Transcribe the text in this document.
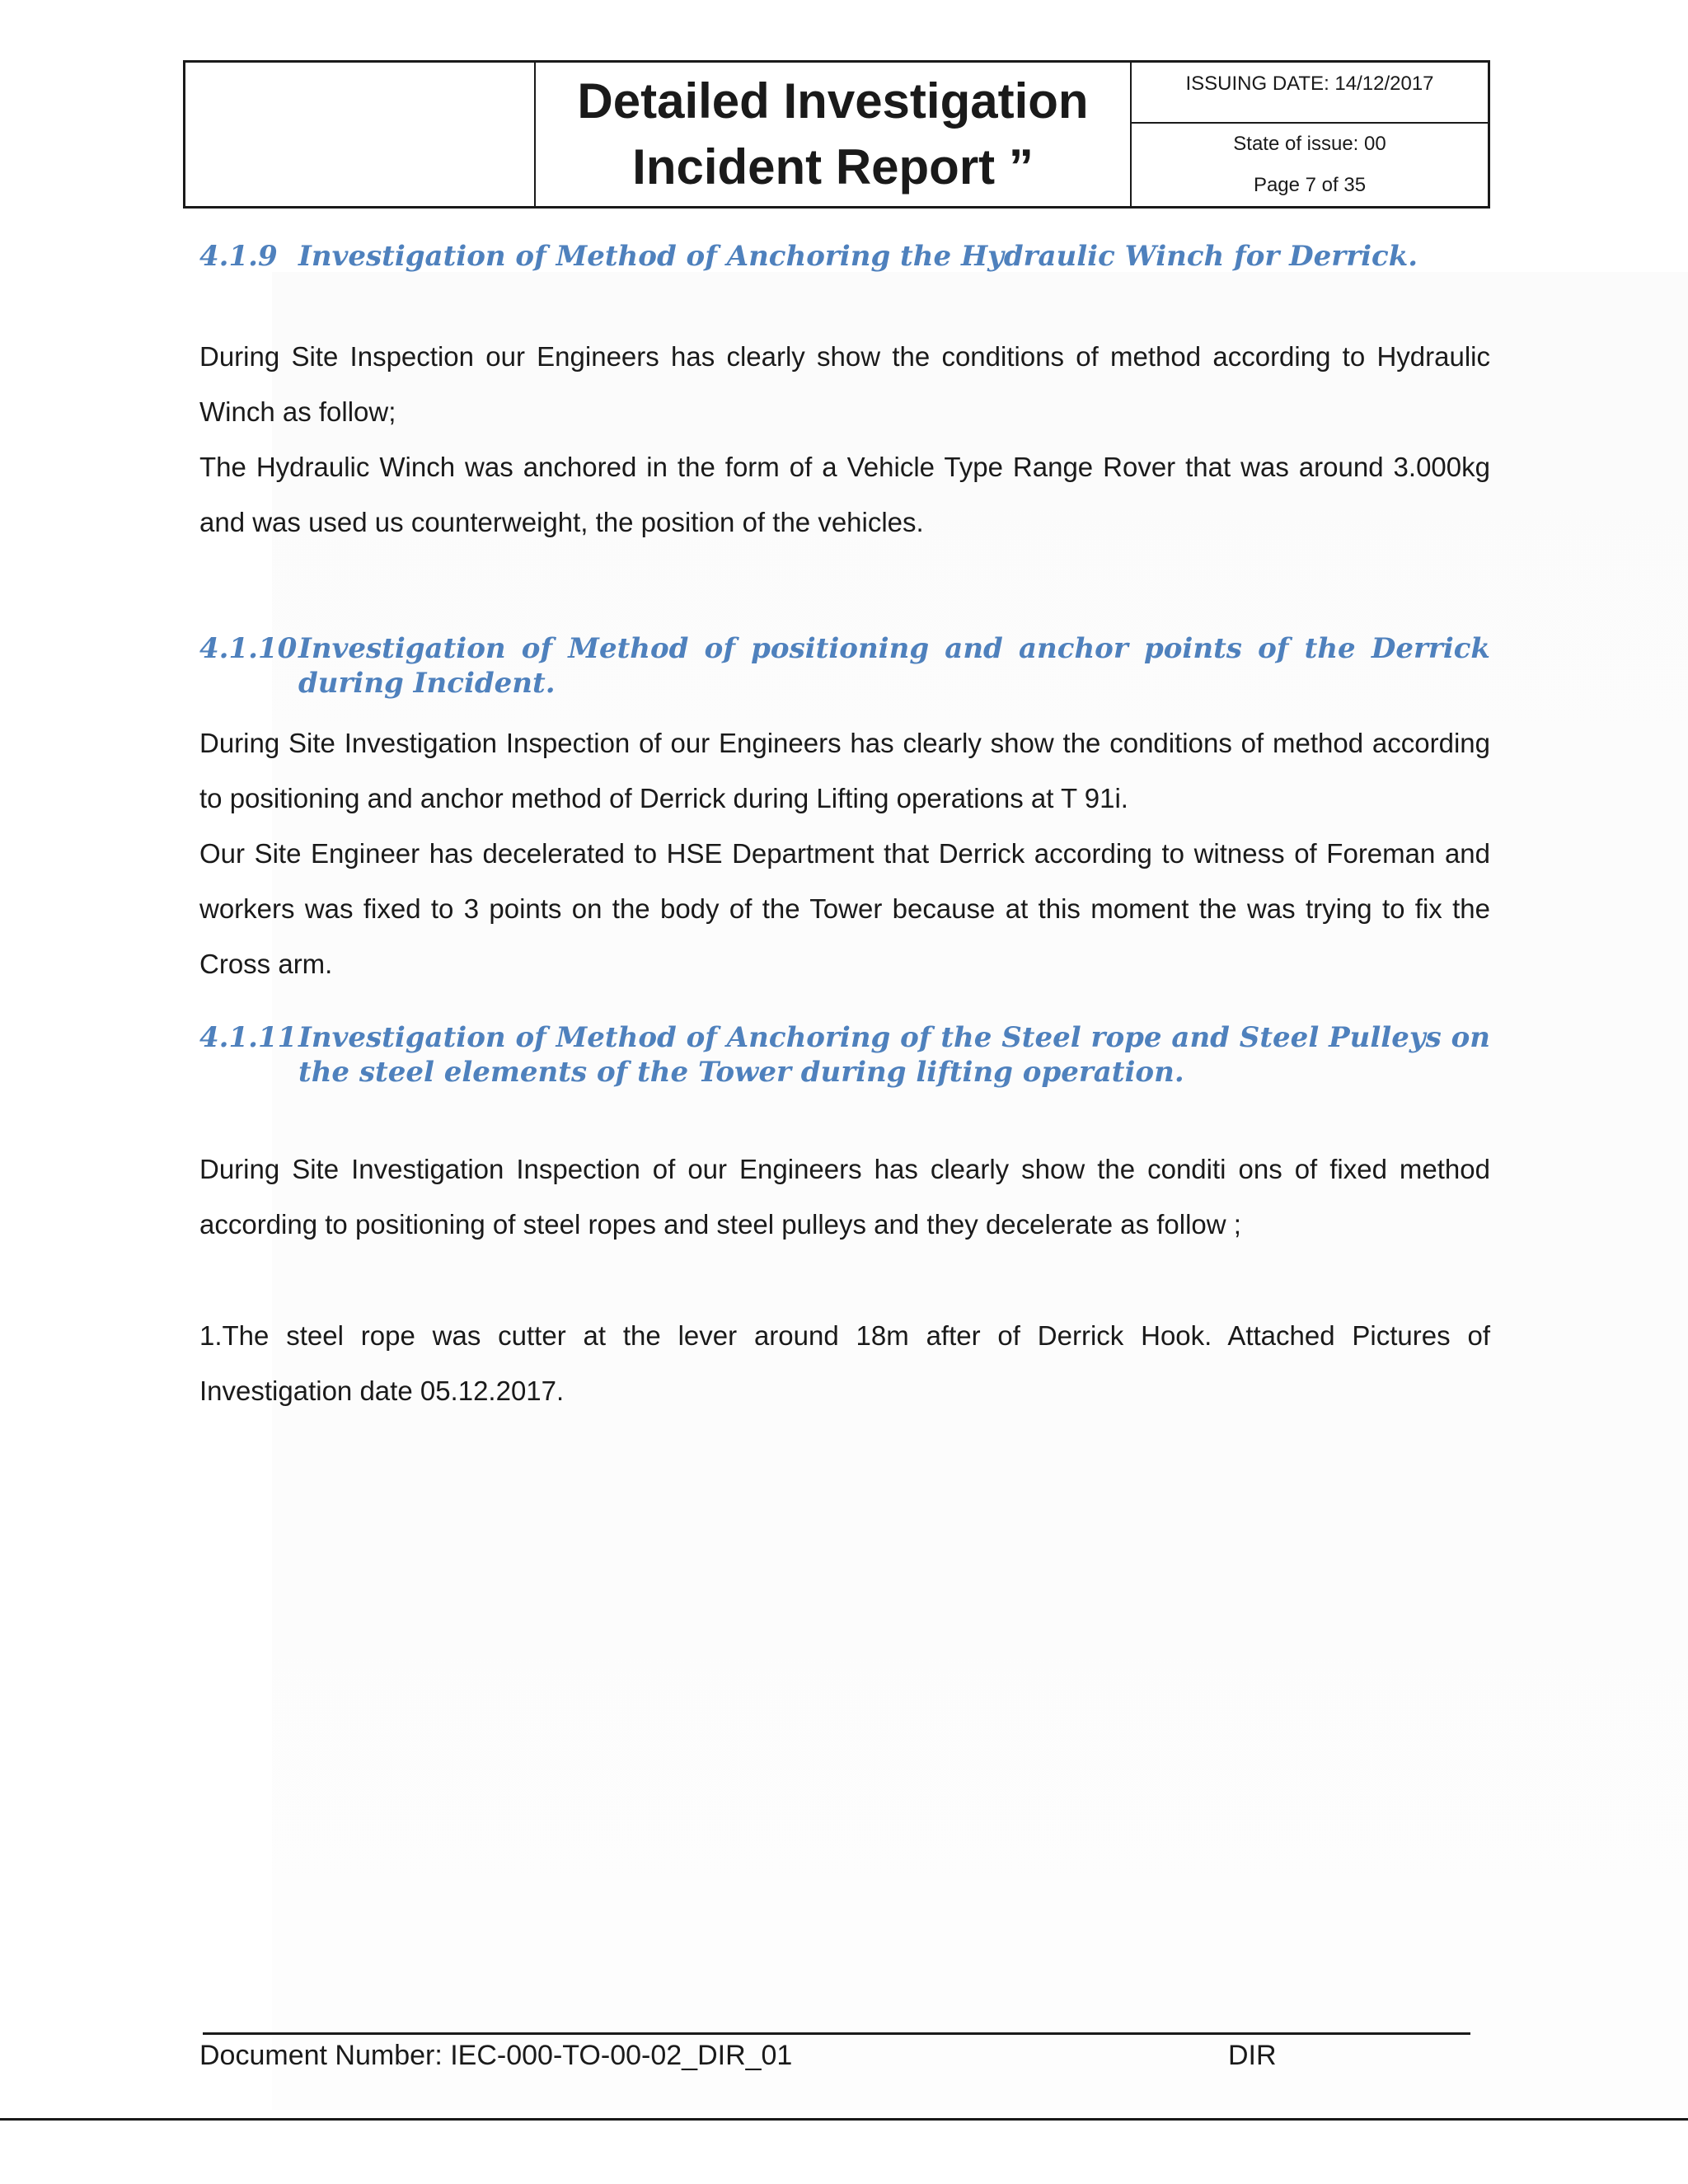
Detailed Investigation
Incident Report ”
ISSUING DATE: 14/12/2017
State of issue: 00
Page 7 of 35
4.1.9 Investigation of Method of Anchoring the Hydraulic Winch for Derrick.

During Site Inspection our Engineers has clearly show the conditions of method according to Hydraulic Winch as follow;

The Hydraulic Winch was anchored in the form of a Vehicle Type Range Rover that was around 3.000kg and was used us counterweight, the position of the vehicles.

4.1.10 Investigation of Method of positioning and anchor points of the Derrick during Incident.

During Site Investigation Inspection of our Engineers has clearly show the conditions of method according to positioning and anchor method of Derrick during Lifting operations at T 91i.

Our Site Engineer has decelerated to HSE Department that Derrick according to witness of Foreman and workers was fixed to 3 points on the body of the Tower because at this moment the was trying to fix the Cross arm.

4.1.11 Investigation of Method of Anchoring of the Steel rope and Steel Pulleys on the steel elements of the Tower during lifting operation.

During Site Investigation Inspection of our Engineers has clearly show the conditi ons of fixed method according to positioning of steel ropes and steel pulleys and they decelerate as follow ;

1.The steel rope was cutter at the lever around 18m after of Derrick Hook. Attached Pictures of Investigation date 05.12.2017.

Document Number: IEC-000-TO-00-02_DIR_01	DIR
